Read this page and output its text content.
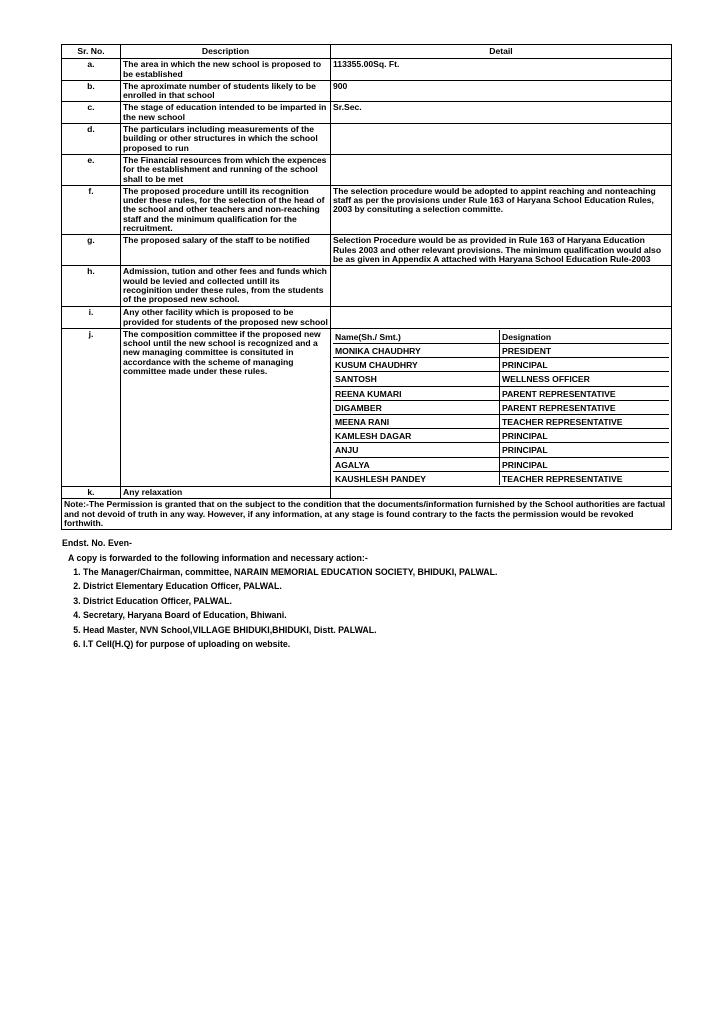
Sr. No.	Description	Detail
a.	The area in which the new school is proposed to be established	113355.00Sq. Ft.
b.	The aproximate number of students likely to be enrolled in that school	900
c.	The stage of education intended to be imparted in the new school	Sr.Sec.
d.	The particulars including measurements of the building or other structures in which the school proposed to run	
e.	The Financial resources from which the expences for the establishment and running of the school shall to be met	
f.	The proposed procedure untill its recognition under these rules, for the selection of the head of the school and other teachers and non-reaching staff and the minimum qualification for the recruitment.	The selection procedure would be adopted to appint reaching and nonteaching staff as per the provisions under Rule 163 of Haryana School Education Rules, 2003 by consituting a selection committe.
g.	The proposed salary of the staff to be notified	Selection Procedure would be as provided in Rule 163 of Haryana Education Rules 2003 and other relevant provisions. The minimum qualification would also be as given in Appendix A attached with Haryana School Education Rule-2003
h.	Admission, tution and other fees and funds which would be levied and collected untill its recoginition under these rules, from the students of the proposed new school.	
i.	Any other facility which is proposed to be provided for students of the proposed new school	
j.	The composition committee if the proposed new school until the new school is recognized and a new managing committee is consituted in accordance with the scheme of managing committee made under these rules.	
Name(Sh./ Smt.)	Designation
MONIKA CHAUDHRY	PRESIDENT
KUSUM CHAUDHRY	PRINCIPAL
SANTOSH	WELLNESS OFFICER
REENA KUMARI	PARENT REPRESENTATIVE
DIGAMBER	PARENT REPRESENTATIVE
MEENA RANI	TEACHER REPRESENTATIVE
KAMLESH DAGAR	PRINCIPAL
ANJU	PRINCIPAL
AGALYA	PRINCIPAL
KAUSHLESH PANDEY	TEACHER REPRESENTATIVE

k.	Any relaxation	
Note:-The Permission is granted that on the subject to the condition that the documents/information furnished by the School authorities are factual and not devoid of truth in any way. However, if any information, at any stage is found contrary to the facts the permission would be revoked forthwith.
Endst. No. Even-
A copy is forwarded to the following information and necessary action:-
1. The Manager/Chairman, committee, NARAIN MEMORIAL EDUCATION SOCIETY, BHIDUKI, PALWAL.
2. District Elementary Education Officer, PALWAL.
3. District Education Officer, PALWAL.
4. Secretary, Haryana Board of Education, Bhiwani.
5. Head Master, NVN School,VILLAGE BHIDUKI,BHIDUKI, Distt. PALWAL.
6. I.T Cell(H.Q) for purpose of uploading on website.
